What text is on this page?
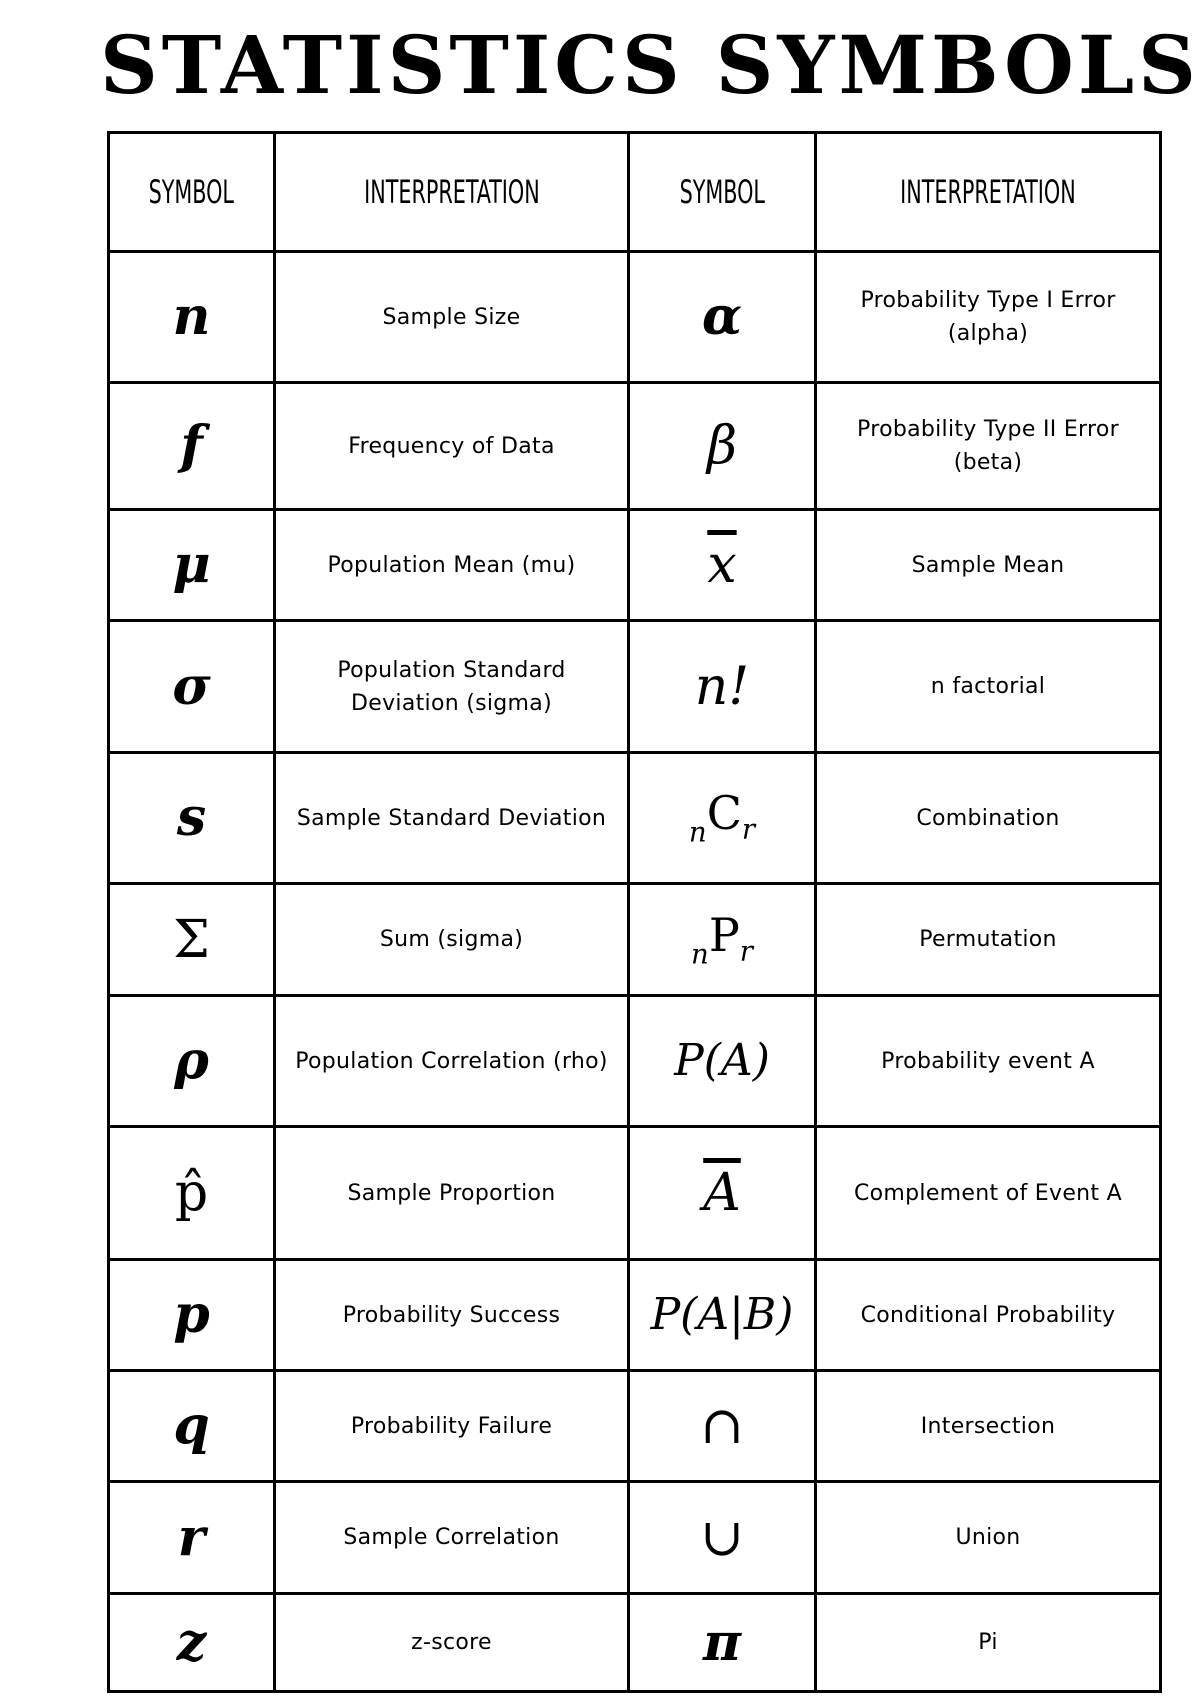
STATISTICS SYMBOLS
SYMBOL	INTERPRETATION	SYMBOL	INTERPRETATION
n	Sample Size	α	Probability Type I Error (alpha)
f	Frequency of Data	β	Probability Type II Error (beta)
μ	Population Mean (mu)	$\overline{x}$	Sample Mean
σ	Population Standard Deviation (sigma)	n!	n factorial
s	Sample Standard Deviation	$_nC_r$	Combination
Σ	Sum (sigma)	$_nP_r$	Permutation
ρ	Population Correlation (rho)	P(A)	Probability event A
p̂	Sample Proportion	$\overline{A}$	Complement of Event A
p	Probability Success	P(A|B)	Conditional Probability
q	Probability Failure	∩	Intersection
r	Sample Correlation	∪	Union
z	z-score	π	Pi
